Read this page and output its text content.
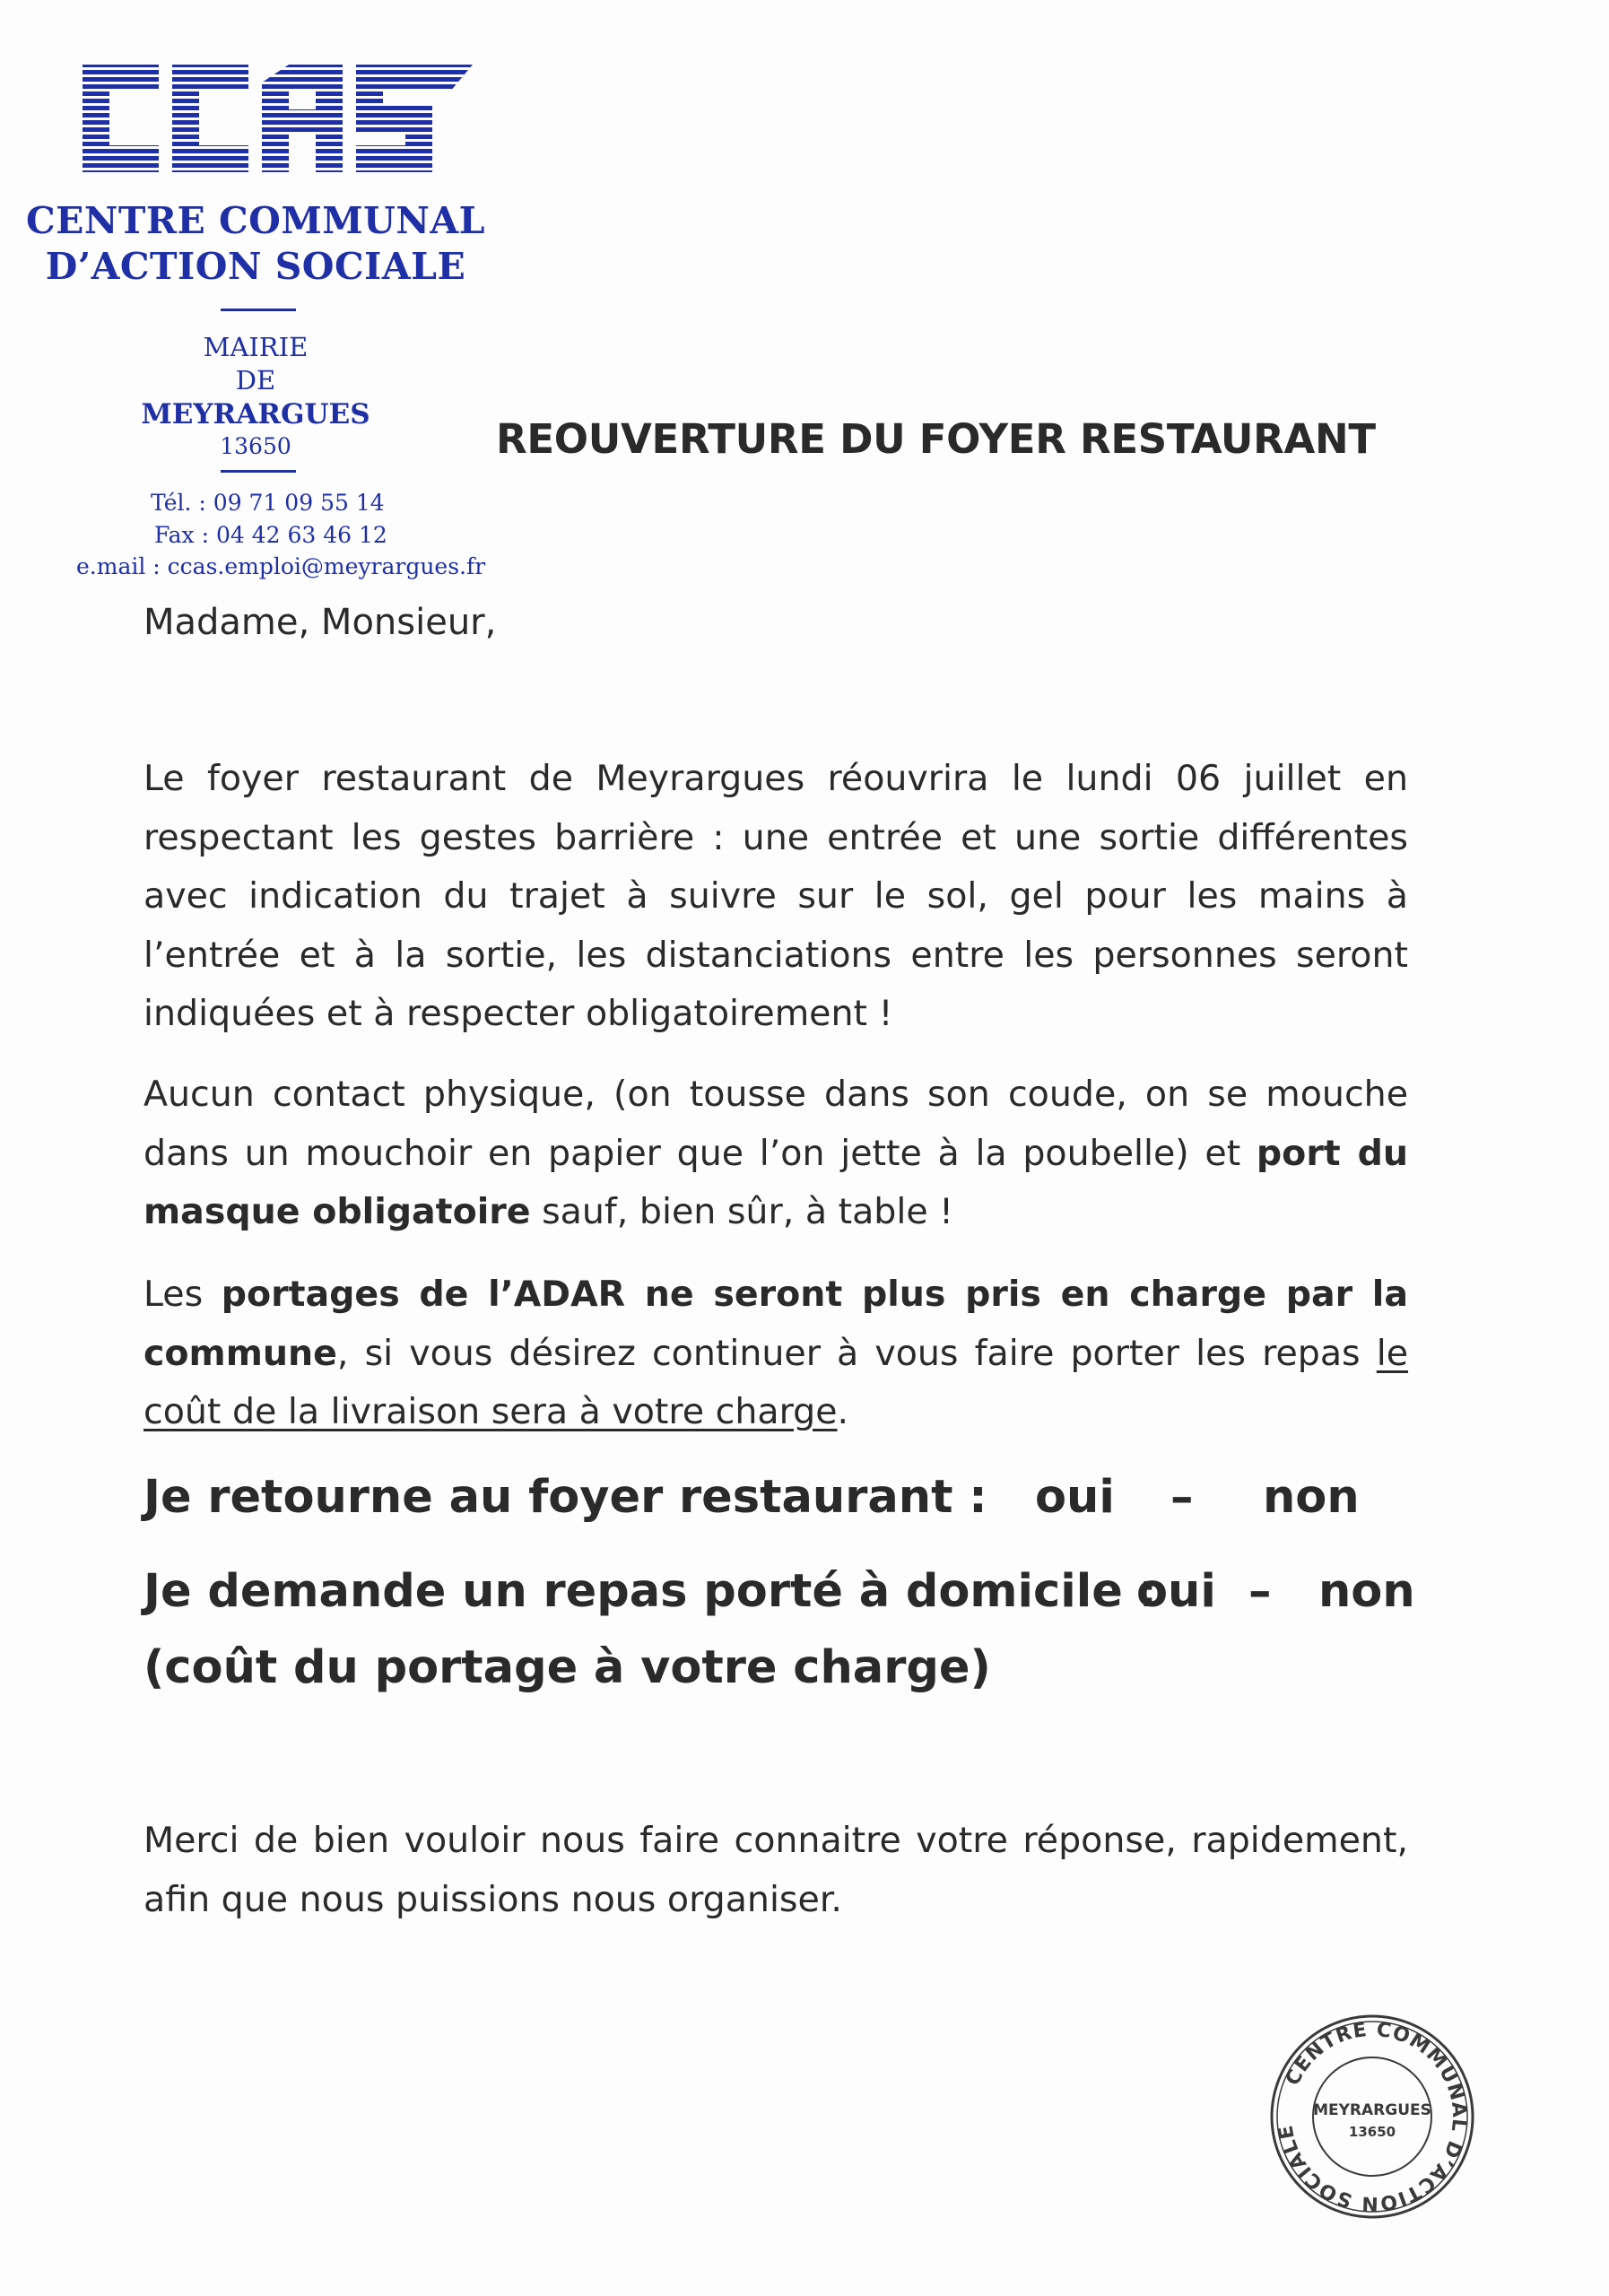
CENTRE COMMUNAL
D’ACTION SOCIALE
MAIRIE
DE
MEYRARGUES
13650
Tél. : 09 71 09 55 14
Fax : 04 42 63 46 12
e.mail : ccas.emploi@meyrargues.fr
REOUVERTURE DU FOYER RESTAURANT
Madame, Monsieur,
Le foyer restaurant de Meyrargues réouvrira le lundi 06 juillet en respectant les gestes barrière : une entrée et une sortie différentes avec indication du trajet à suivre sur le sol, gel pour les mains à l’entrée et à la sortie, les distanciations entre les personnes seront indiquées et à respecter obligatoirement !
Aucun contact physique, (on tousse dans son coude, on se mouche dans un mouchoir en papier que l’on jette à la poubelle) et port du masque obligatoire sauf, bien sûr, à table !
Les portages de l’ADAR ne seront plus pris en charge par la commune, si vous désirez continuer à vous faire porter les repas le coût de la livraison sera à votre charge.
Je retourne au foyer restaurant : oui – non
Je demande un repas porté à domicile :
oui – non
(coût du portage à votre charge)
Merci de bien vouloir nous faire connaitre votre réponse, rapidement, afin que nous puissions nous organiser.
CENTRE COMMUNAL D’ACTION SOCIALE
MEYRARGUES
13650
